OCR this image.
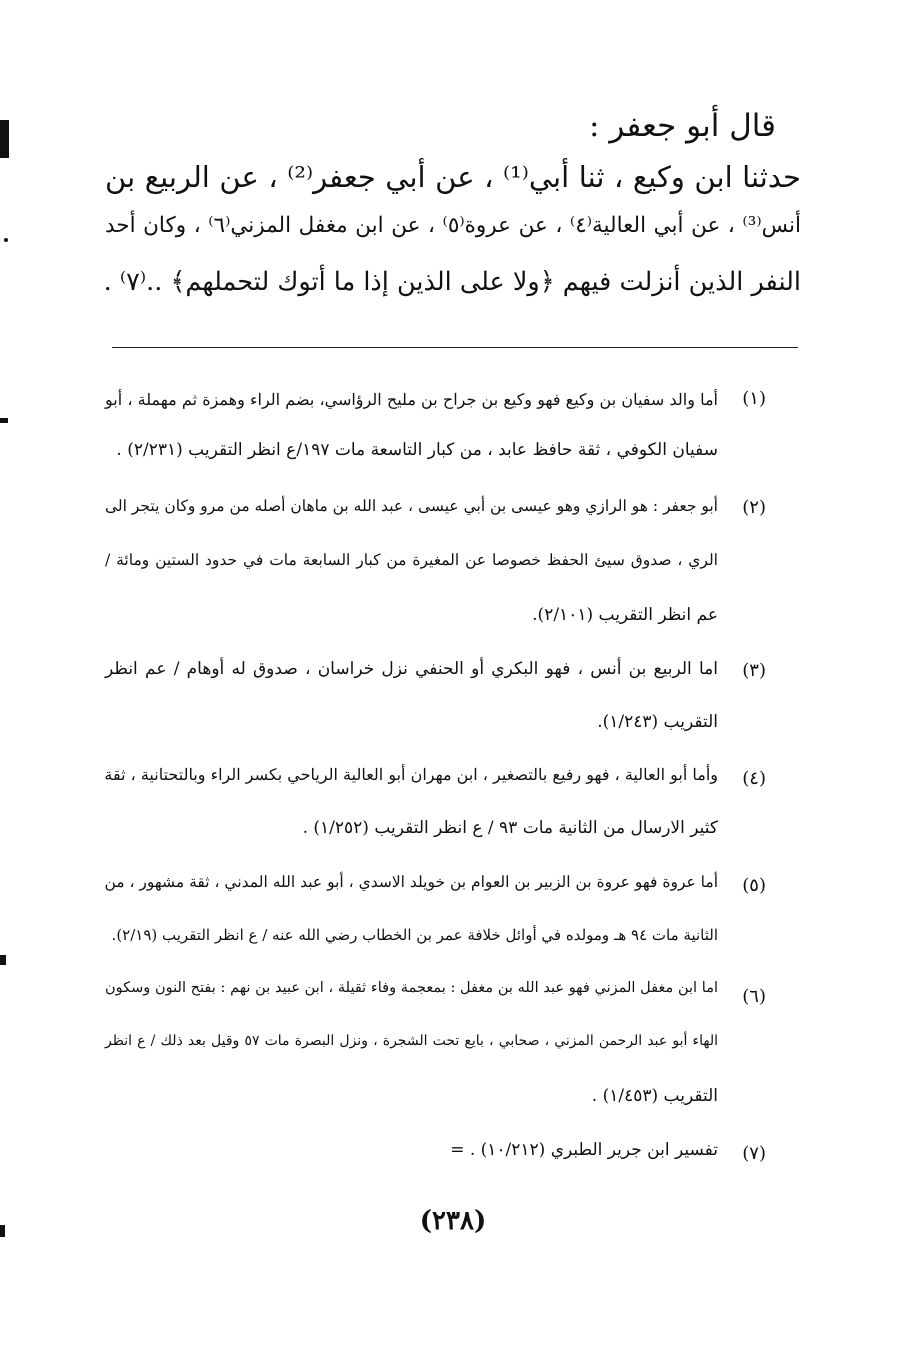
قال أبو جعفر :
حدثنا ابن وكيع ، ثنا أبي⁽¹⁾ ، عن أبي جعفر⁽²⁾ ، عن الربيع بن
أنس⁽³⁾ ، عن أبي العالية⁽٤⁾ ، عن عروة⁽٥⁾ ، عن ابن مغفل المزني⁽٦⁾ ، وكان أحد
النفر الذين أنزلت فيهم ﴿ولا على الذين إذا ما أتوك لتحملهم﴾ ..⁽٧⁾ .
(١)
أما والد سفيان بن وكيع فهو وكيع بن جراح بن مليح الرؤاسي، بضم الراء وهمزة ثم مهملة ، أبو
سفيان الكوفي ، ثقة حافظ عابد ، من كبار التاسعة مات ١٩٧/ع انظر التقريب (٢/٢٣١) .
(٢)
أبو جعفر : هو الرازي وهو عيسى بن أبي عيسى ، عبد الله بن ماهان أصله من مرو وكان يتجر الى
الري ، صدوق سيئ الحفظ خصوصا عن المغيرة من كبار السابعة مات في حدود الستين ومائة /
عم انظر التقريب (٢/١٠١).
(٣)
اما الربيع بن أنس ، فهو البكري أو الحنفي نزل خراسان ، صدوق له أوهام / عم انظر
التقريب (١/٢٤٣).
(٤)
وأما أبو العالية ، فهو رفيع بالتصغير ، ابن مهران أبو العالية الرياحي بكسر الراء وبالتحتانية ، ثقة
كثير الارسال من الثانية مات ٩٣ / ع انظر التقريب (١/٢٥٢) .
(٥)
أما عروة فهو عروة بن الزبير بن العوام بن خويلد الاسدي ، أبو عبد الله المدني ، ثقة مشهور ، من
الثانية مات ٩٤ هـ ومولده في أوائل خلافة عمر بن الخطاب رضي الله عنه / ع انظر التقريب (٢/١٩).
(٦)
اما ابن مغفل المزني فهو عبد الله بن مغفل : بمعجمة وفاء ثقيلة ، ابن عبيد بن نهم : بفتح النون وسكون
الهاء أبو عبد الرحمن المزني ، صحابي ، بايع تحت الشجرة ، ونزل البصرة مات ٥٧ وقيل بعد ذلك / ع انظر
التقريب (١/٤٥٣) .
(٧)
تفسير ابن جرير الطبري (١٠/٢١٢) . =
(٢٣٨)
